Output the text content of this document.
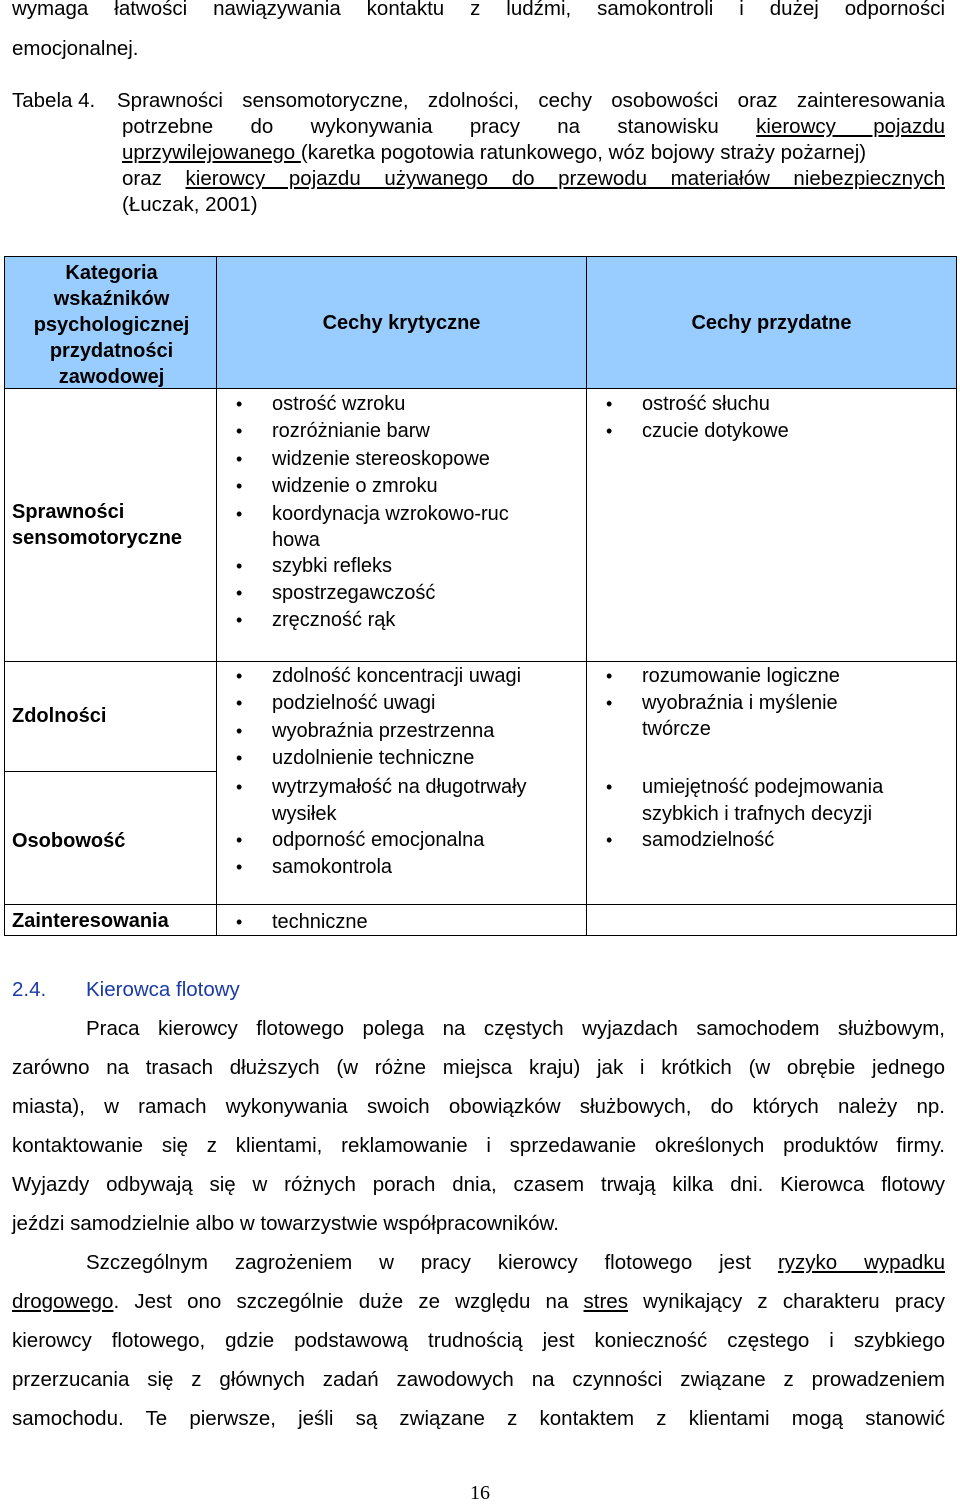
wymaga łatwości nawiązywania kontaktu z ludźmi, samokontroli i dużej odporności
emocjonalnej.
Tabela 4. Sprawności sensomotoryczne, zdolności, cechy osobowości oraz zainteresowania
potrzebne do wykonywania pracy na stanowisku kierowcy pojazdu
uprzywilejowanego (karetka pogotowia ratunkowego, wóz bojowy straży pożarnej)
oraz kierowcy pojazdu używanego do przewodu materiałów niebezpiecznych
(Łuczak, 2001)
Kategoria wskaźników psychologicznej przydatności zawodowej
Cechy krytyczne	Cechy przydatne
Sprawności sensomotoryczne
Zdolności
Osobowość
Zainteresowania
• ostrość wzroku
• rozróżnianie barw
• widzenie stereoskopowe
• widzenie o zmroku
• koordynacja wzrokowo-ruchowa
• szybki refleks
• spostrzegawczość
• zręczność rąk
• ostrość słuchu
• czucie dotykowe
• zdolność koncentracji uwagi
• podzielność uwagi
• wyobraźnia przestrzenna
• uzdolnienie techniczne
• wytrzymałość na długotrwały wysiłek
• odporność emocjonalna
• samokontrola
• rozumowanie logiczne
• wyobraźnia i myślenie twórcze
• umiejętność podejmowania szybkich i trafnych decyzji
• samodzielność
• techniczne
2.4. Kierowca flotowy
Praca kierowcy flotowego polega na częstych wyjazdach samochodem służbowym,
zarówno na trasach dłuższych (w różne miejsca kraju) jak i krótkich (w obrębie jednego
miasta), w ramach wykonywania swoich obowiązków służbowych, do których należy np.
kontaktowanie się z klientami, reklamowanie i sprzedawanie określonych produktów firmy.
Wyjazdy odbywają się w różnych porach dnia, czasem trwają kilka dni. Kierowca flotowy
jeździ samodzielnie albo w towarzystwie współpracowników.
Szczególnym zagrożeniem w pracy kierowcy flotowego jest ryzyko wypadku
drogowego. Jest ono szczególnie duże ze względu na stres wynikający z charakteru pracy
kierowcy flotowego, gdzie podstawową trudnością jest konieczność częstego i szybkiego
przerzucania się z głównych zadań zawodowych na czynności związane z prowadzeniem
samochodu. Te pierwsze, jeśli są związane z kontaktem z klientami mogą stanowić
16
